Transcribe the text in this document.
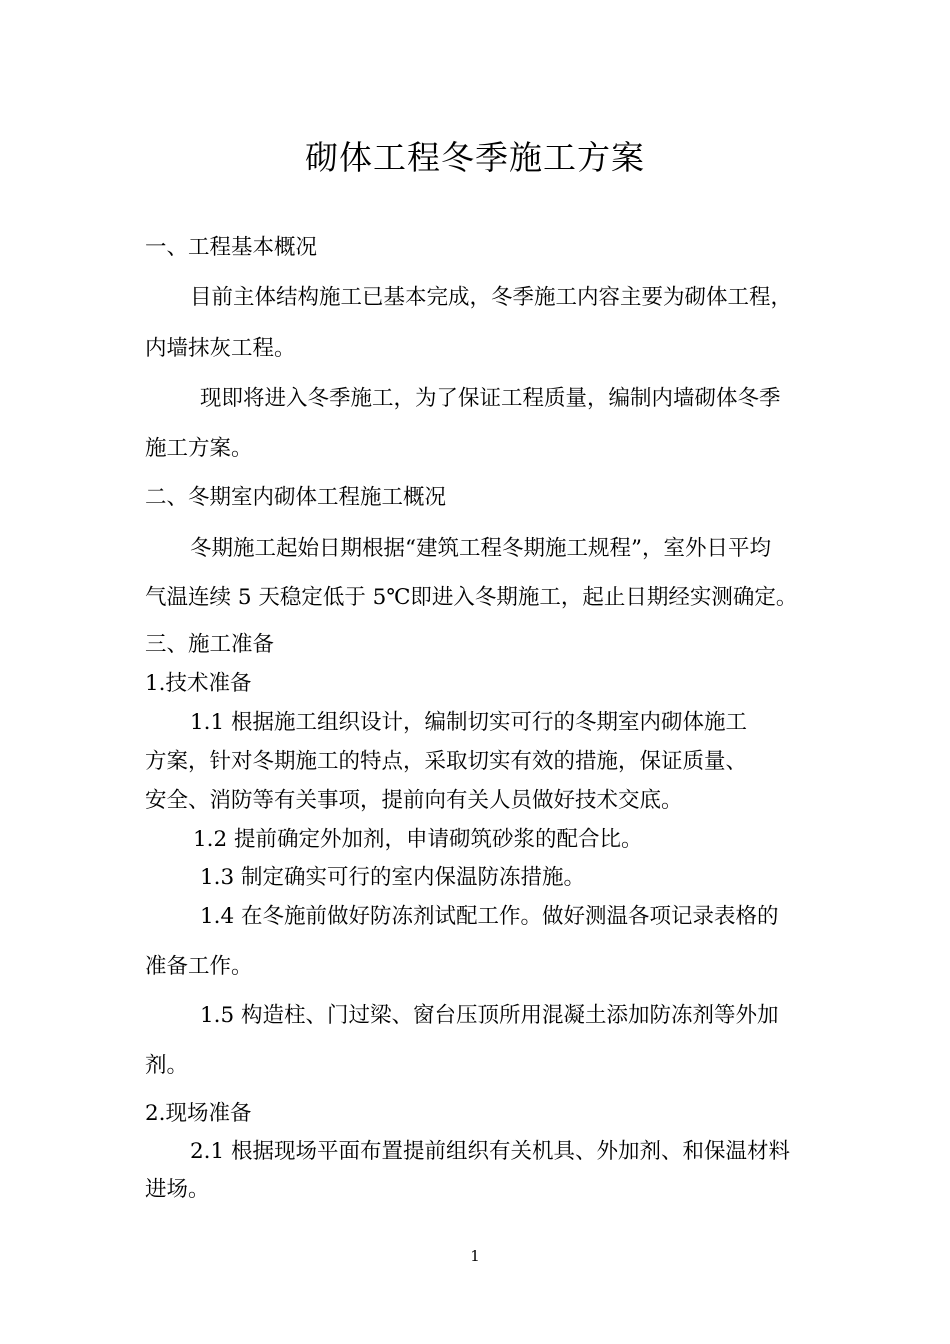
砌体工程冬季施工方案
一、工程基本概况
目前主体结构施工已基本完成，冬季施工内容主要为砌体工程，
内墙抹灰工程。
现即将进入冬季施工，为了保证工程质量，编制内墙砌体冬季
施工方案。
二、冬期室内砌体工程施工概况
冬期施工起始日期根据“建筑工程冬期施工规程”，室外日平均
气温连续 5 天稳定低于 5℃即进入冬期施工，起止日期经实测确定。
三、施工准备
1.技术准备
1.1 根据施工组织设计，编制切实可行的冬期室内砌体施工
方案，针对冬期施工的特点，采取切实有效的措施，保证质量、
安全、消防等有关事项，提前向有关人员做好技术交底。
1.2 提前确定外加剂，申请砌筑砂浆的配合比。
1.3 制定确实可行的室内保温防冻措施。
1.4 在冬施前做好防冻剂试配工作。做好测温各项记录表格的
准备工作。
1.5 构造柱、门过梁、窗台压顶所用混凝土添加防冻剂等外加
剂。
2.现场准备
2.1 根据现场平面布置提前组织有关机具、外加剂、和保温材料
进场。
1
